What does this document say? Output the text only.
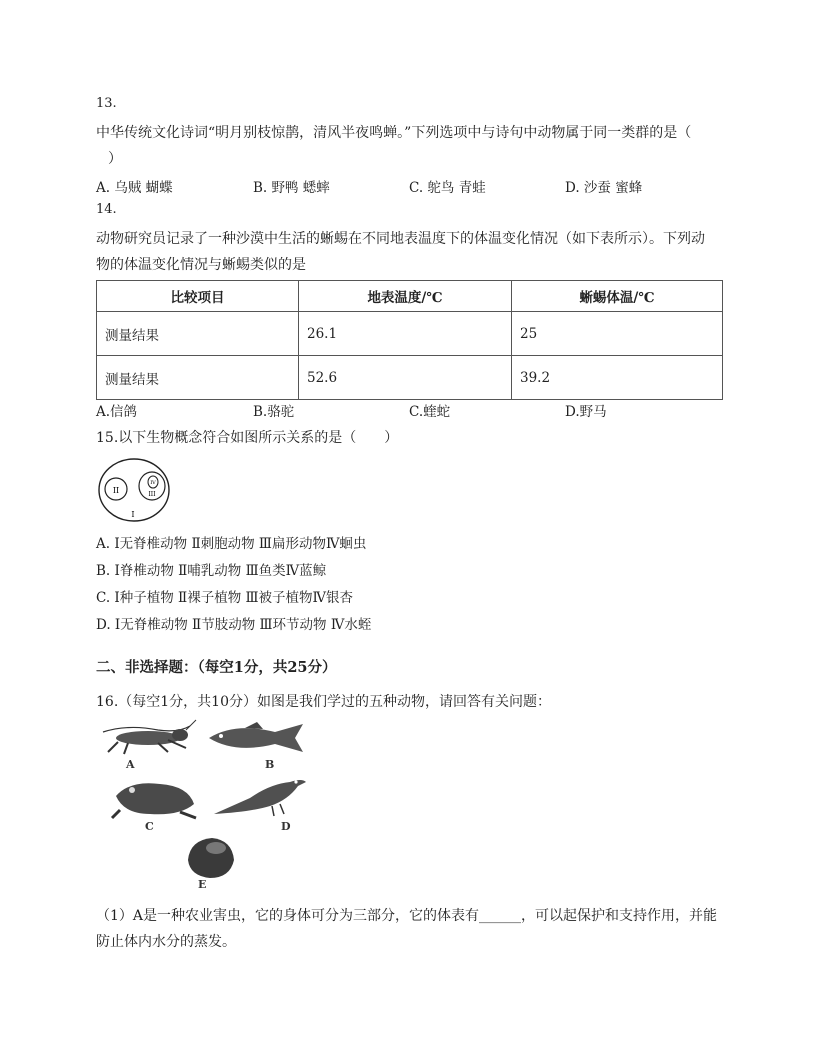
13.
中华传统文化诗词“明月别枝惊鹊，清风半夜鸣蝉。”下列选项中与诗句中动物属于同一类群的是（
）
A. 乌贼 蝴蝶	B. 野鸭 蟋蟀	C. 鸵鸟 青蛙	D. 沙蚕 蜜蜂
14.
动物研究员记录了一种沙漠中生活的蜥蜴在不同地表温度下的体温变化情况（如下表所示）。下列动
物的体温变化情况与蜥蜴类似的是
比较项目	地表温度/℃	蜥蜴体温/℃
测量结果	26.1	25
测量结果	52.6	39.2
A.信鸽	B.骆驼	C.蝰蛇	D.野马
15.以下生物概念符合如图所示关系的是（　　）
II	III
IV
I
A. Ⅰ无脊椎动物 Ⅱ刺胞动物 Ⅲ扁形动物Ⅳ蛔虫
B. Ⅰ脊椎动物 Ⅱ哺乳动物 Ⅲ鱼类Ⅳ蓝鲸
C. Ⅰ种子植物 Ⅱ裸子植物 Ⅲ被子植物Ⅳ银杏
D. Ⅰ无脊椎动物 Ⅱ节肢动物 Ⅲ环节动物 Ⅳ水蛭
二、非选择题：（每空1分，共25分）
16.（每空1分，共10分）如图是我们学过的五种动物，请回答有关问题：
A	B
C	D
E
（1）A是一种农业害虫，它的身体可分为三部分，它的体表有______，可以起保护和支持作用，并能
防止体内水分的蒸发。
